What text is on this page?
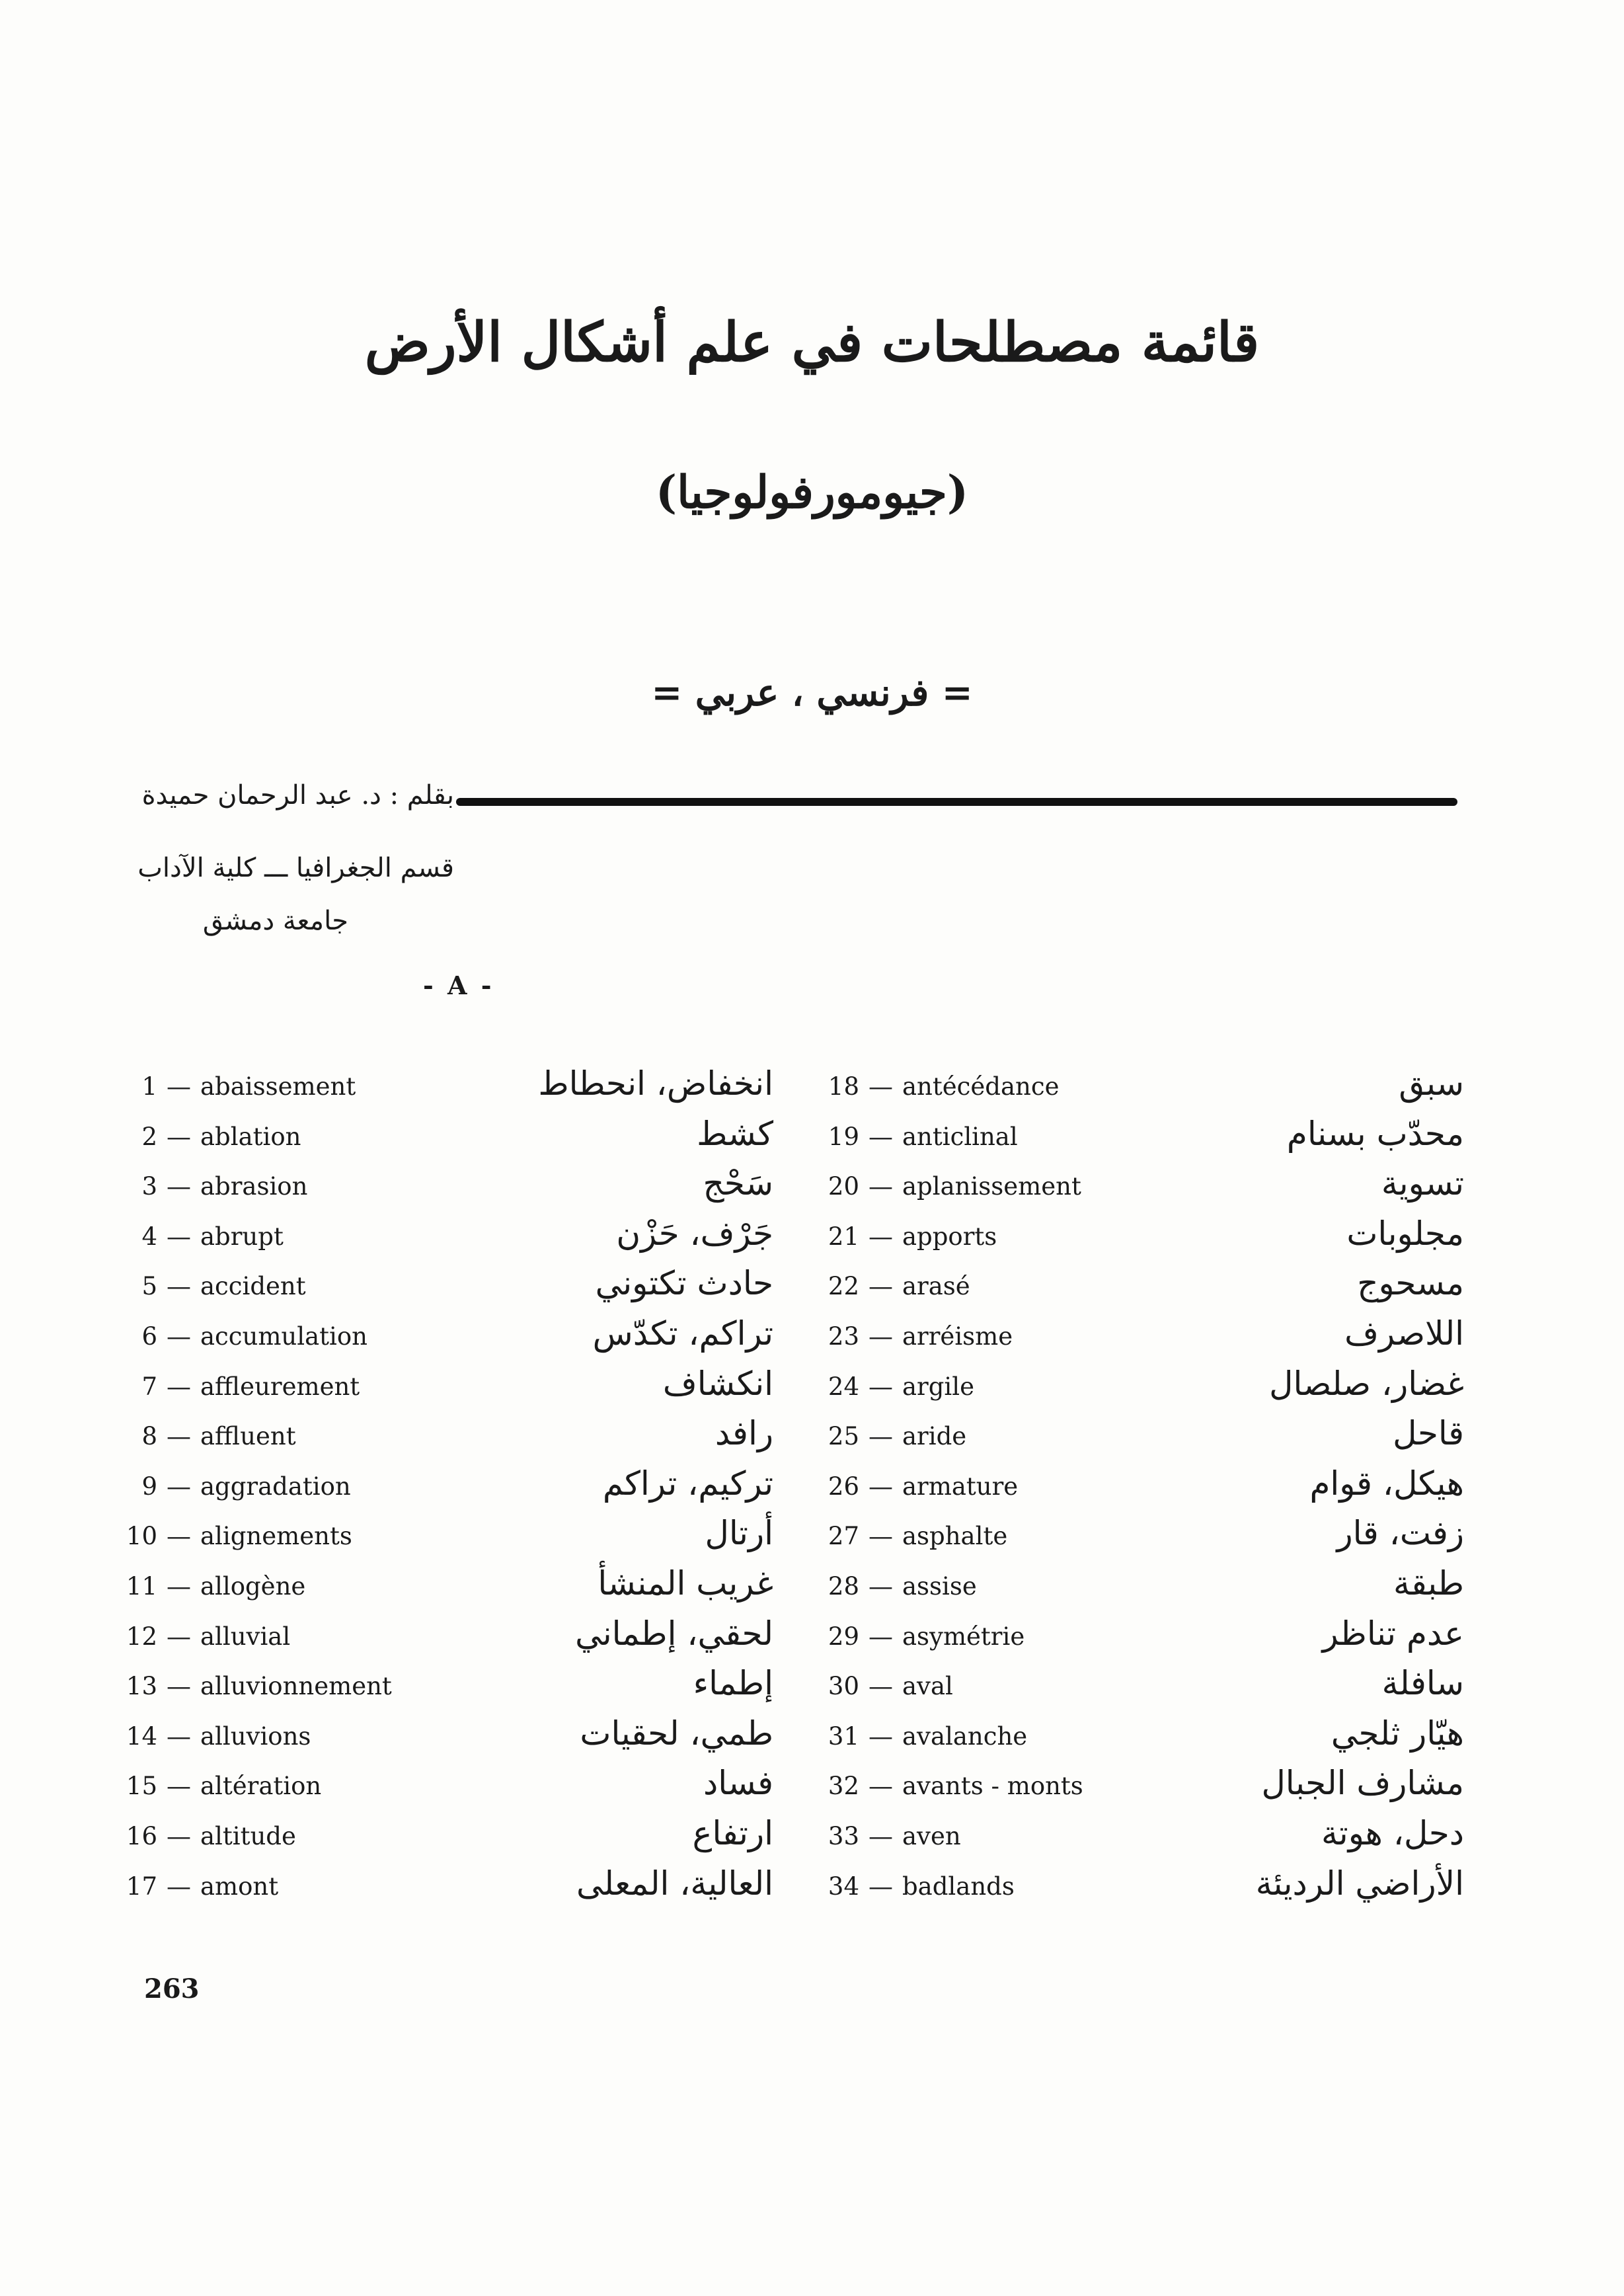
قائمة مصطلحات في علم أشكال الأرض
(جيومورفولوجيا)
= فرنسي ، عربي =
بقلم : د. عبد الرحمان حميدة
قسم الجغرافيا ـــ كلية الآداب
جامعة دمشق
- A -
1 — abaissement	انخفاض، انحطاط
2 — ablation	كشط
3 — abrasion	سَحْج
4 — abrupt	جَرْف، حَزْن
5 — accident	حادث تكتوني
6 — accumulation	تراكم، تكدّس
7 — affleurement	انكشاف
8 — affluent	رافد
9 — aggradation	تركيم، تراكم
10 — alignements	أرتال
11 — allogène	غريب المنشأ
12 — alluvial	لحقي، إطماني
13 — alluvionnement	إطماء
14 — alluvions	طمي، لحقيات
15 — altération	فساد
16 — altitude	ارتفاع
17 — amont	العالية، المعلى
18 — antécédance	سبق
19 — anticlinal	محدّب بسنام
20 — aplanissement	تسوية
21 — apports	مجلوبات
22 — arasé	مسحوج
23 — arréisme	اللاصرف
24 — argile	غضار، صلصال
25 — aride	قاحل
26 — armature	هيكل، قوام
27 — asphalte	زفت، قار
28 — assise	طبقة
29 — asymétrie	عدم تناظر
30 — aval	سافلة
31 — avalanche	هيّار ثلجي
32 — avants - monts	مشارف الجبال
33 — aven	دحل، هوتة
34 — badlands	الأراضي الرديئة
263
